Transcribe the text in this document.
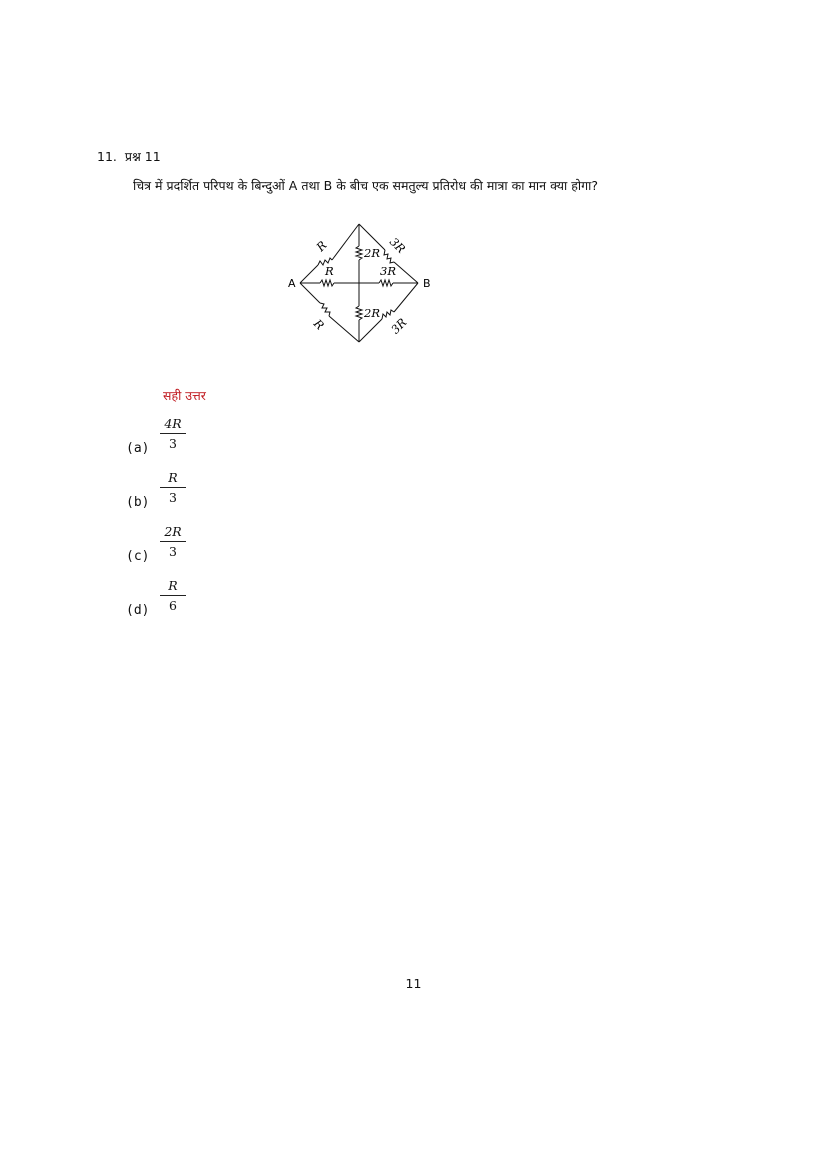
11. प्रश्न 11
चित्र में प्रदर्शित परिपथ के बिन्दुओं A तथा B के बीच एक समतुल्य प्रतिरोध की मात्रा का मान क्या होगा?
A	B
R	3R
R	3R
R	3R
2R
2R
सही उत्तर
$(a) \frac{4R}{3}$
$(b) \frac{R}{3}$
$(c) \frac{2R}{3}$
$(d) \frac{R}{6}$
11
